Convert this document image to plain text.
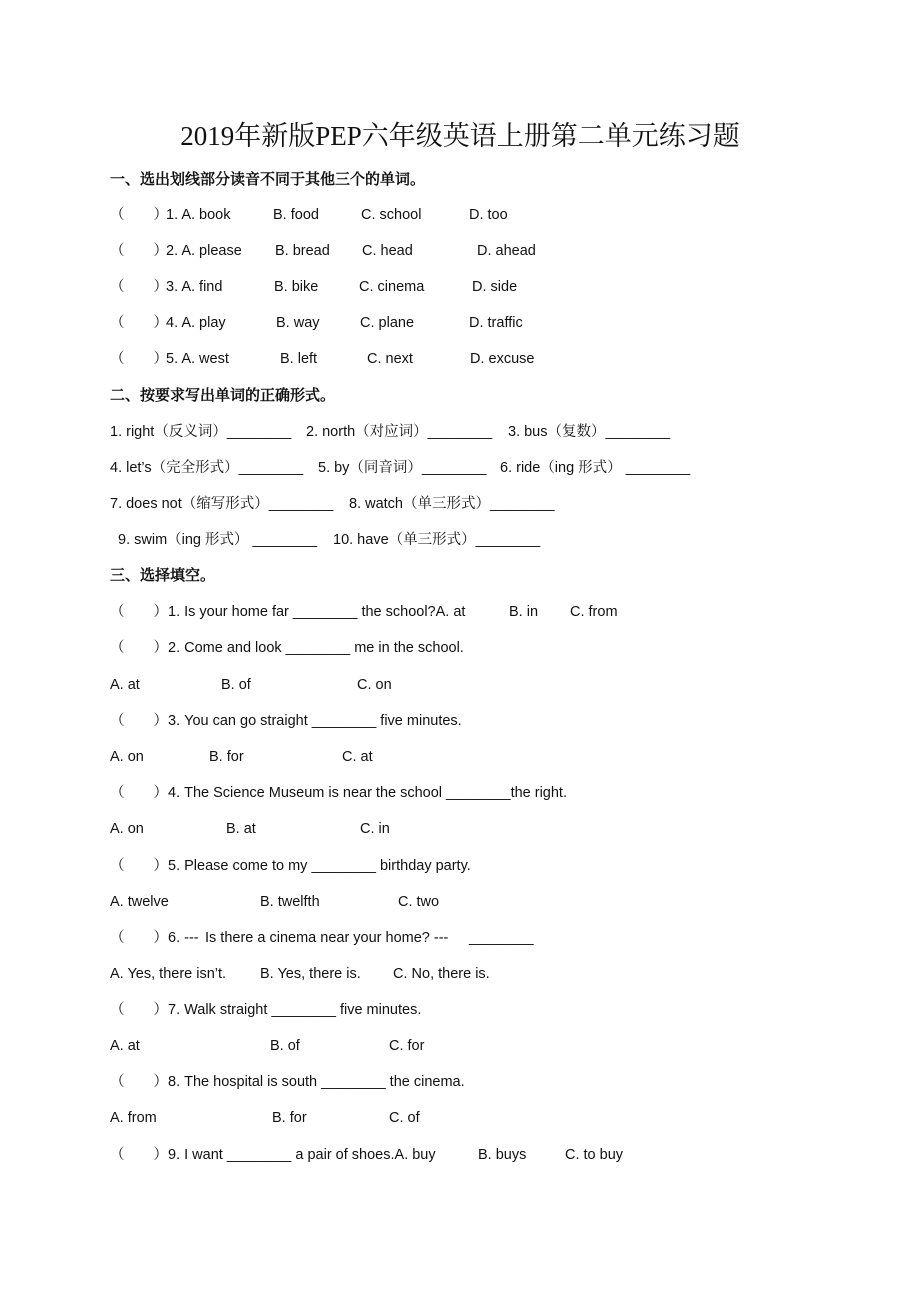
2019年新版PEP六年级英语上册第二单元练习题
一、选出划线部分读音不同于其他三个的单词。
（　　）
1. A. book	B. food	C. school	D. too
（　　）
2. A. please B. bread C. head	D. ahead
（　　）
3. A. find	B. bike	C. cinema	D. side
（　　）
4. A. play	B. way	C. plane	D. traffic
（　　）
5. A. west	B. left	C. next	D. excuse
二、按要求写出单词的正确形式。
1. right（反义词）________ 2. north（对应词）________ 3. bus（复数）________
4. let’s（完全形式）________ 5. by（同音词）________ 6. ride（ing 形式） ________
7. does not（缩写形式）________ 8. watch（单三形式）________
9. swim（ing 形式） ________ 10. have（单三形式）________
三、选择填空。
（　　）1. Is your home far ________ the school?A. at	B. in C. from
（　　）2. Come and look ________ me in the school.
A. at	B. of	C. on
（　　）3. You can go straight ________ five minutes.
A. on	B. for	C. at
（　　）4. The Science Museum is near the school ________the right.
A. on	B. at	C. in
（　　）5. Please come to my ________ birthday party.
A. twelve	B. twelfth	C. two
（　　）6. --- Is there a cinema near your home? --- ________
A. Yes, there isn’t. B. Yes, there is. C. No, there is.
（　　）7. Walk straight ________ five minutes.
A. at	B. of	C. for
（　　）8. The hospital is south ________ the cinema.
A. from	B. for	C. of
（　　）9. I want ________ a pair of shoes.A. buy	B. buys	C. to buy
